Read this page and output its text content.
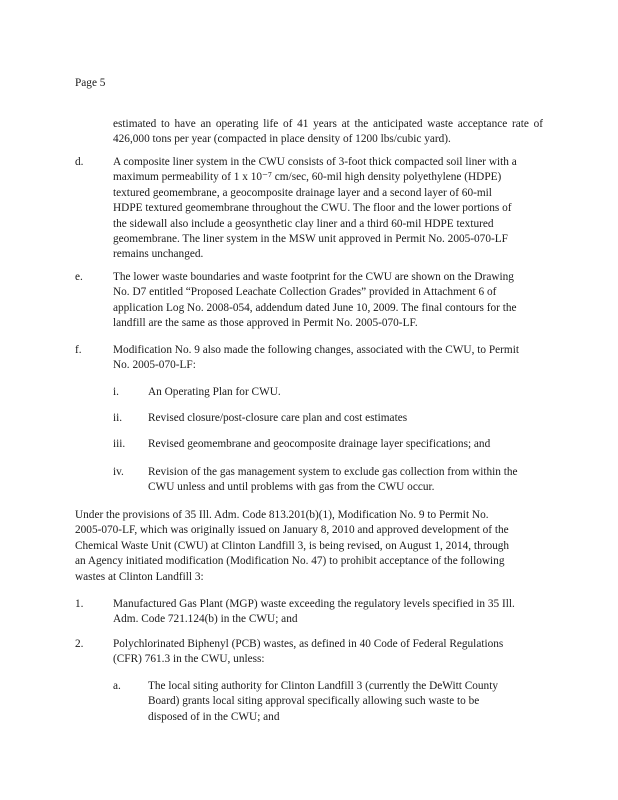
Page 5
estimated to have an operating life of 41 years at the anticipated waste acceptance rate of 426,000 tons per year (compacted in place density of 1200 lbs/cubic yard).
d.	A composite liner system in the CWU consists of 3-foot thick compacted soil liner with a
maximum permeability of 1 x 10⁻⁷ cm/sec, 60-mil high density polyethylene (HDPE)
textured geomembrane, a geocomposite drainage layer and a second layer of 60-mil
HDPE textured geomembrane throughout the CWU. The floor and the lower portions of
the sidewall also include a geosynthetic clay liner and a third 60-mil HDPE textured
geomembrane. The liner system in the MSW unit approved in Permit No. 2005-070-LF
remains unchanged.
e.	The lower waste boundaries and waste footprint for the CWU are shown on the Drawing
No. D7 entitled “Proposed Leachate Collection Grades” provided in Attachment 6 of
application Log No. 2008-054, addendum dated June 10, 2009. The final contours for the
landfill are the same as those approved in Permit No. 2005-070-LF.
f.	Modification No. 9 also made the following changes, associated with the CWU, to Permit
No. 2005-070-LF:
i.	An Operating Plan for CWU.
ii. Revised closure/post-closure care plan and cost estimates
iii. Revised geomembrane and geocomposite drainage layer specifications; and
iv. Revision of the gas management system to exclude gas collection from within the
CWU unless and until problems with gas from the CWU occur.
Under the provisions of 35 Ill. Adm. Code 813.201(b)(1), Modification No. 9 to Permit No.
2005-070-LF, which was originally issued on January 8, 2010 and approved development of the
Chemical Waste Unit (CWU) at Clinton Landfill 3, is being revised, on August 1, 2014, through
an Agency initiated modification (Modification No. 47) to prohibit acceptance of the following
wastes at Clinton Landfill 3:
1.	Manufactured Gas Plant (MGP) waste exceeding the regulatory levels specified in 35 Ill.
Adm. Code 721.124(b) in the CWU; and
2.	Polychlorinated Biphenyl (PCB) wastes, as defined in 40 Code of Federal Regulations
(CFR) 761.3 in the CWU, unless:
a. The local siting authority for Clinton Landfill 3 (currently the DeWitt County
Board) grants local siting approval specifically allowing such waste to be
disposed of in the CWU; and
